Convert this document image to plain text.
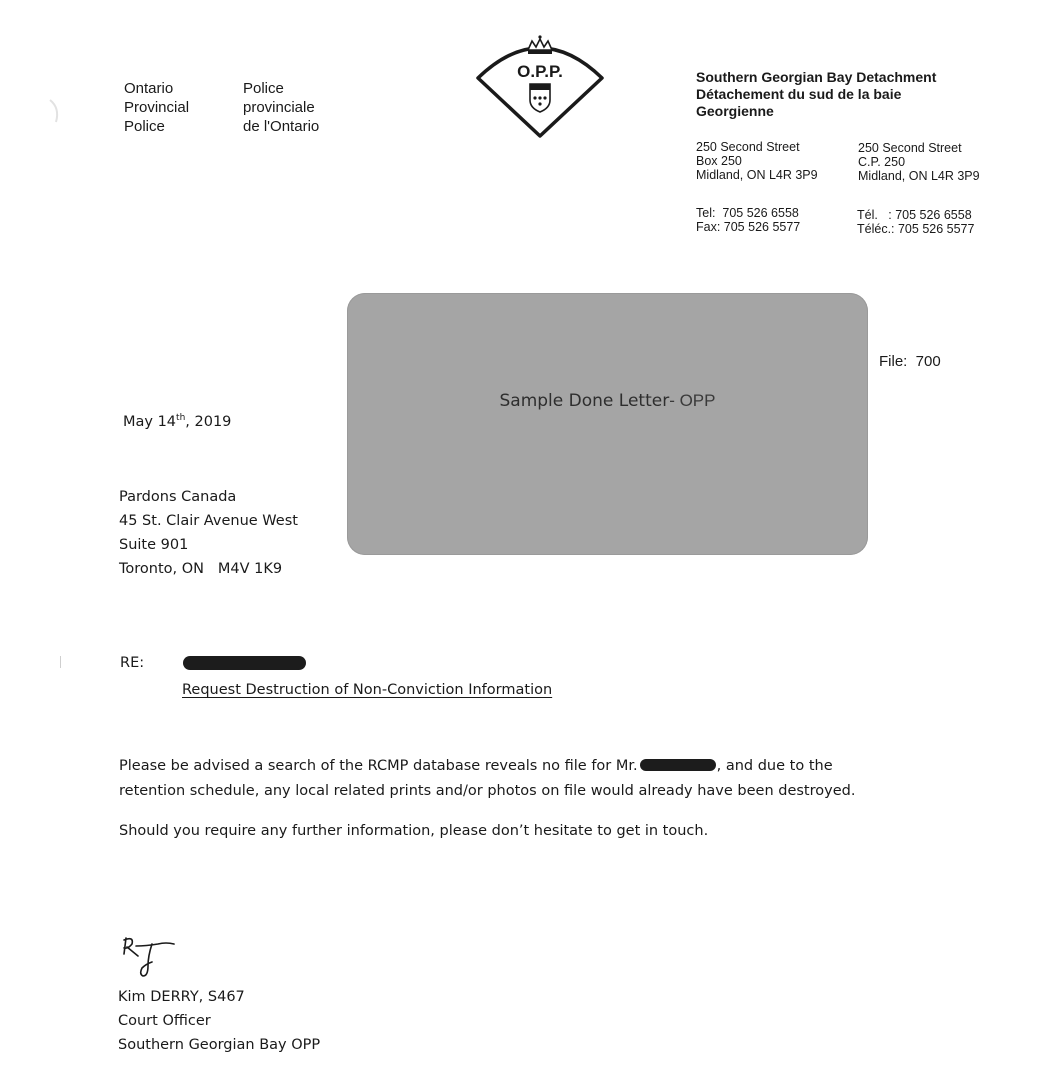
Ontario
Provincial
Police
Police
provinciale
de l'Ontario
O.P.P.	Southern Georgian Bay Detachment
Détachement du sud de la baie
Georgienne
250 Second Street
Box 250
Midland, ON L4R 3P9
250 Second Street
C.P. 250
Midland, ON L4R 3P9
Tel:  705 526 6558
Fax: 705 526 5577
Tél.   : 705 526 6558
Téléc.: 705 526 5577
Sample Done Letter- OPP
File:  700
May 14th, 2019
Pardons Canada
45 St. Clair Avenue West
Suite 901
Toronto, ON   M4V 1K9
RE:
Request Destruction of Non-Conviction Information
Please be advised a search of the RCMP database reveals no file for Mr.	, and due to the
retention schedule, any local related prints and/or photos on file would already have been destroyed.
Should you require any further information, please don’t hesitate to get in touch.
Kim DERRY, S467
Court Officer
Southern Georgian Bay OPP
